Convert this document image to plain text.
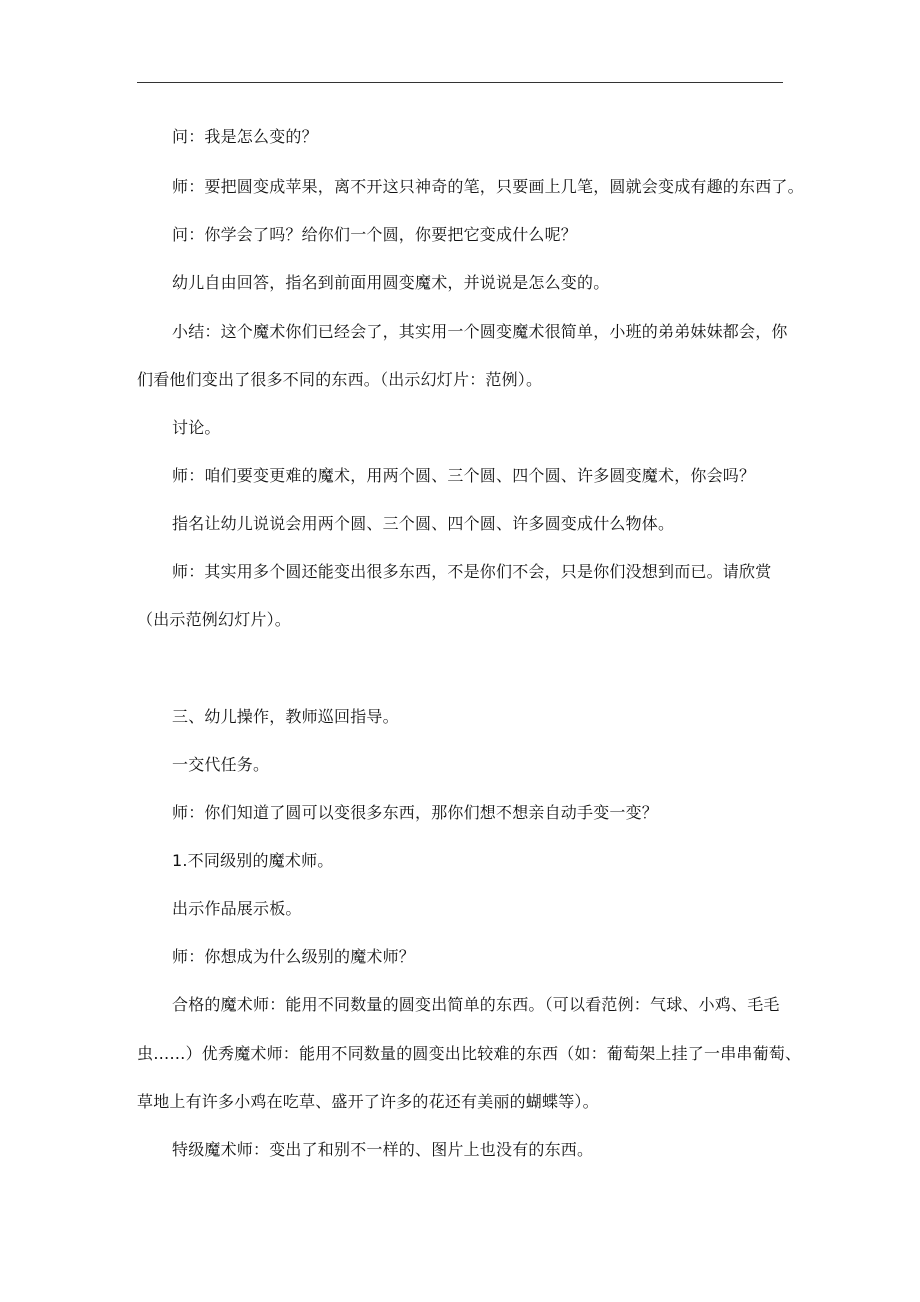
问：我是怎么变的？
师：要把圆变成苹果，离不开这只神奇的笔，只要画上几笔，圆就会变成有趣的东西了。
问：你学会了吗？给你们一个圆，你要把它变成什么呢？
幼儿自由回答，指名到前面用圆变魔术，并说说是怎么变的。
小结：这个魔术你们已经会了，其实用一个圆变魔术很简单，小班的弟弟妹妹都会，你
们看他们变出了很多不同的东西。（出示幻灯片：范例）。
讨论。
师：咱们要变更难的魔术，用两个圆、三个圆、四个圆、许多圆变魔术，你会吗？
指名让幼儿说说会用两个圆、三个圆、四个圆、许多圆变成什么物体。
师：其实用多个圆还能变出很多东西，不是你们不会，只是你们没想到而已。请欣赏
（出示范例幻灯片）。
三、幼儿操作，教师巡回指导。
一交代任务。
师：你们知道了圆可以变很多东西，那你们想不想亲自动手变一变？
1.不同级别的魔术师。
出示作品展示板。
师：你想成为什么级别的魔术师？
合格的魔术师：能用不同数量的圆变出简单的东西。（可以看范例：气球、小鸡、毛毛
虫……）优秀魔术师：能用不同数量的圆变出比较难的东西（如：葡萄架上挂了一串串葡萄、
草地上有许多小鸡在吃草、盛开了许多的花还有美丽的蝴蝶等）。
特级魔术师：变出了和别不一样的、图片上也没有的东西。
